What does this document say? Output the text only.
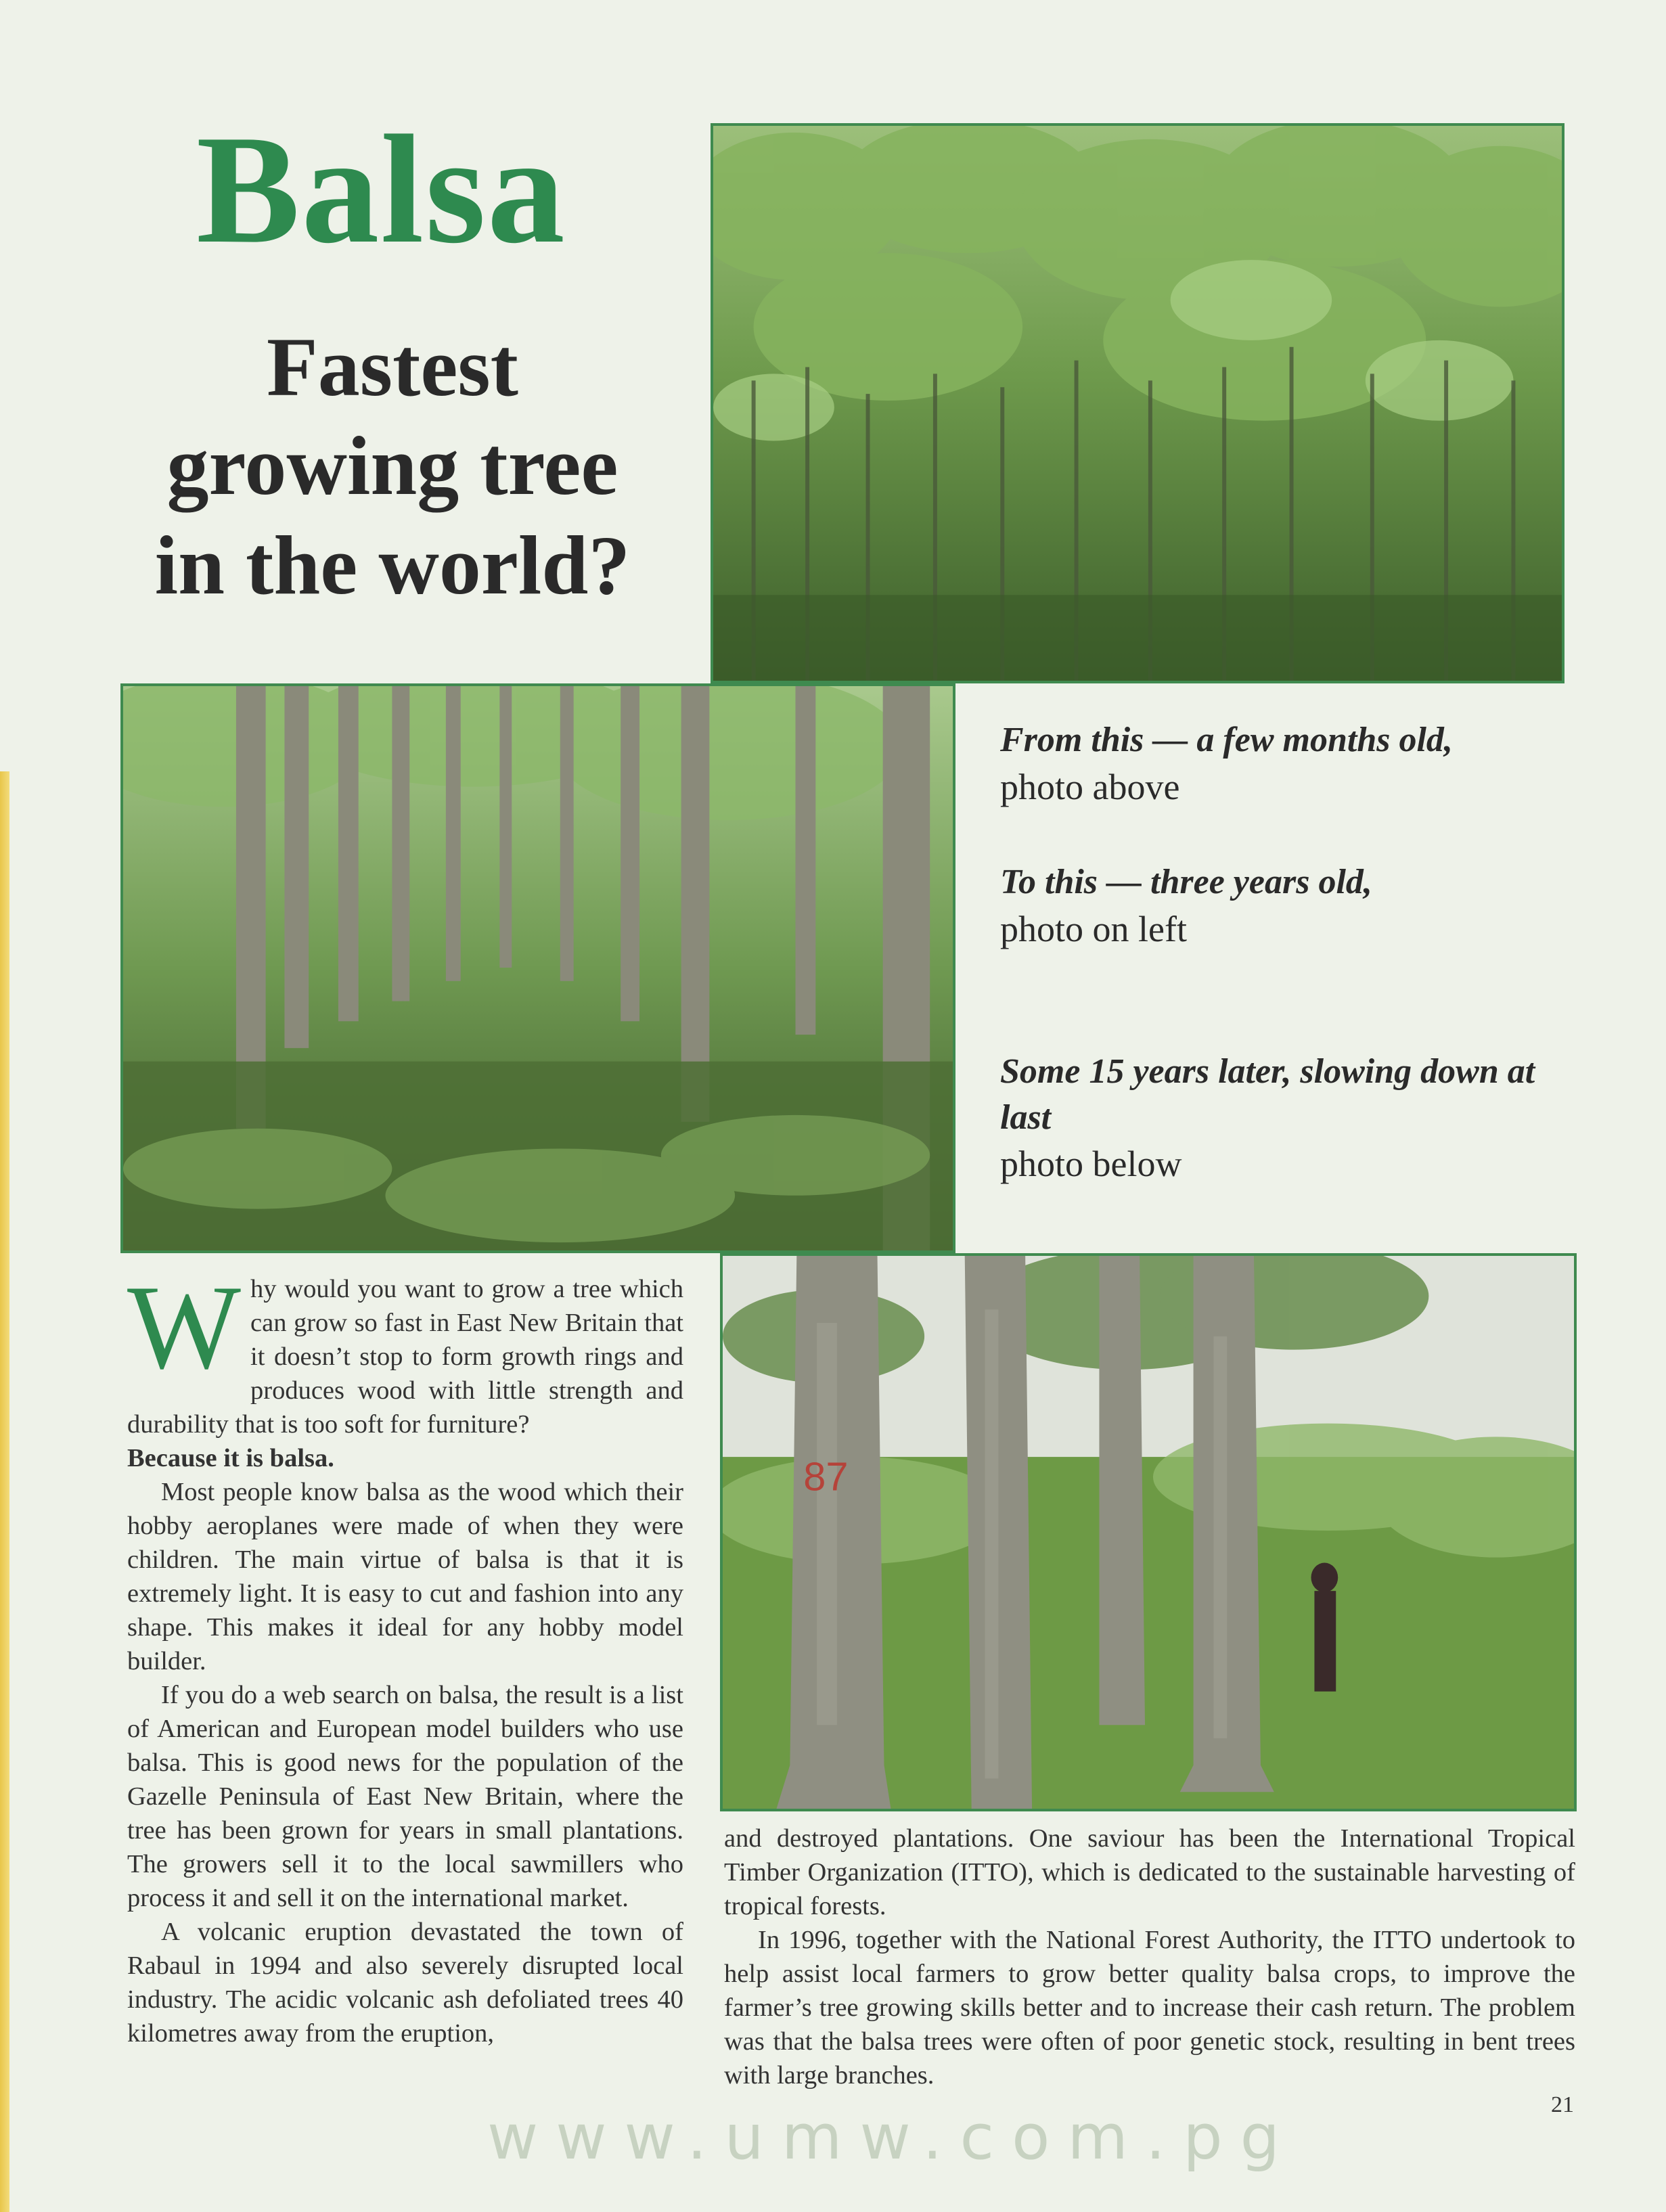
Balsa
Fastest growing tree in the world?
From this — a few months old,
photo above
To this — three years old,
photo on left
Some 15 years later, slowing down at last
photo below
87

Why would you want to grow a tree which can grow so fast in East New Britain that it doesn’t stop to form growth rings and produces wood with little strength and durability that is too soft for furniture?

Because it is balsa.

Most people know balsa as the wood which their hobby aeroplanes were made of when they were children. The main virtue of balsa is that it is extremely light. It is easy to cut and fashion into any shape. This makes it ideal for any hobby model builder.

If you do a web search on balsa, the result is a list of American and European model builders who use balsa. This is good news for the population of the Gazelle Peninsula of East New Britain, where the tree has been grown for years in small plantations. The growers sell it to the local sawmillers who process it and sell it on the international market.

A volcanic eruption devastated the town of Rabaul in 1994 and also severely disrupted local industry. The acidic volcanic ash defoliated trees 40 kilometres away from the eruption,

and destroyed plantations. One saviour has been the International Tropical Timber Organization (ITTO), which is dedicated to the sustainable harvesting of tropical forests.

In 1996, together with the National Forest Authority, the ITTO undertook to help assist local farmers to grow better quality balsa crops, to improve the farmer’s tree growing skills better and to increase their cash return. The problem was that the balsa trees were often of poor genetic stock, resulting in bent trees with large branches.

www.umw.com.pg	21
